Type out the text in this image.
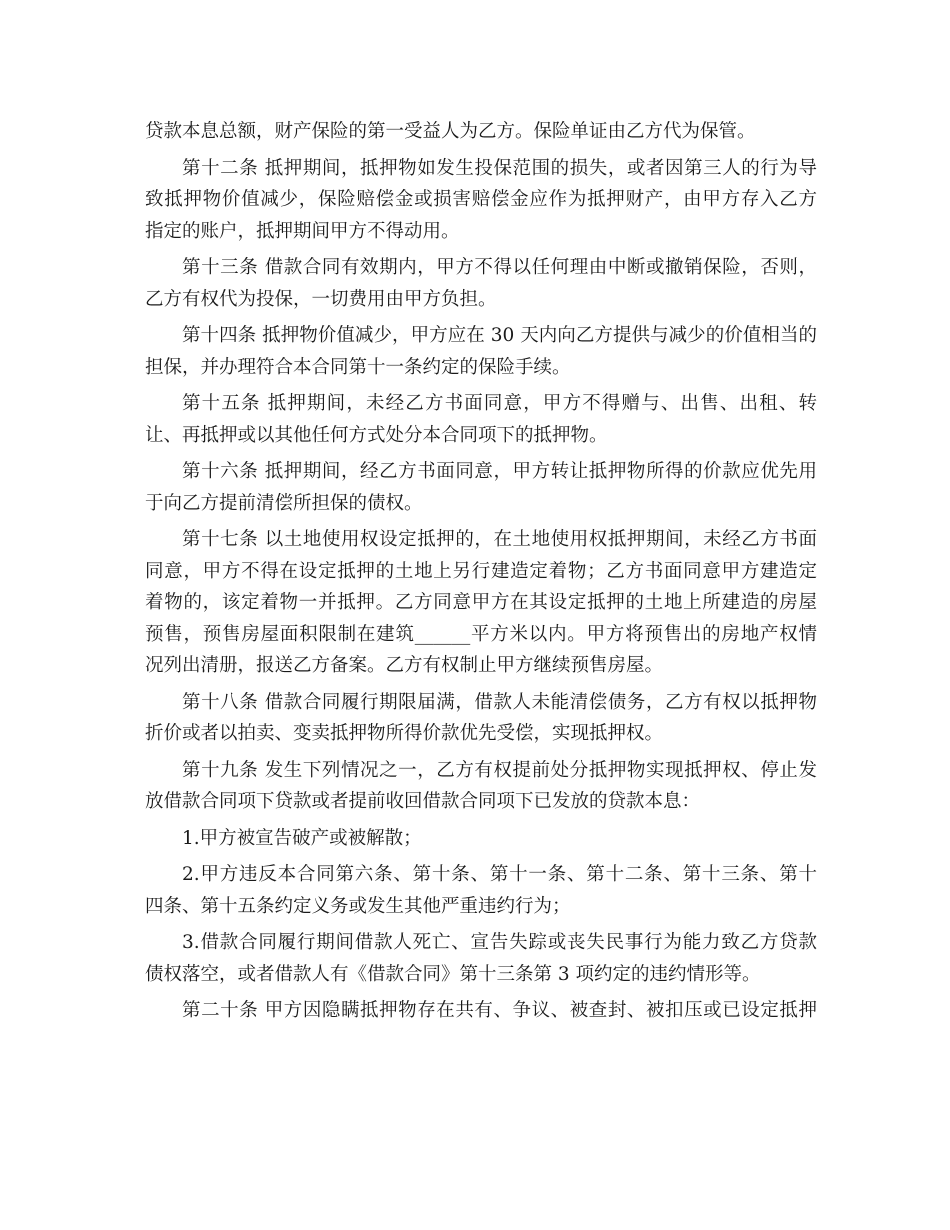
贷款本息总额，财产保险的第一受益人为乙方。保险单证由乙方代为保管。
第十二条 抵押期间，抵押物如发生投保范围的损失，或者因第三人的行为导
致抵押物价值减少，保险赔偿金或损害赔偿金应作为抵押财产，由甲方存入乙方
指定的账户，抵押期间甲方不得动用。
第十三条 借款合同有效期内，甲方不得以任何理由中断或撤销保险，否则，
乙方有权代为投保，一切费用由甲方负担。
第十四条 抵押物价值减少，甲方应在 30 天内向乙方提供与减少的价值相当的
担保，并办理符合本合同第十一条约定的保险手续。
第十五条 抵押期间，未经乙方书面同意，甲方不得赠与、出售、出租、转
让、再抵押或以其他任何方式处分本合同项下的抵押物。
第十六条 抵押期间，经乙方书面同意，甲方转让抵押物所得的价款应优先用
于向乙方提前清偿所担保的债权。
第十七条 以土地使用权设定抵押的，在土地使用权抵押期间，未经乙方书面
同意，甲方不得在设定抵押的土地上另行建造定着物；乙方书面同意甲方建造定
着物的，该定着物一并抵押。乙方同意甲方在其设定抵押的土地上所建造的房屋
预售，预售房屋面积限制在建筑______平方米以内。甲方将预售出的房地产权情
况列出清册，报送乙方备案。乙方有权制止甲方继续预售房屋。
第十八条 借款合同履行期限届满，借款人未能清偿债务，乙方有权以抵押物
折价或者以拍卖、变卖抵押物所得价款优先受偿，实现抵押权。
第十九条 发生下列情况之一，乙方有权提前处分抵押物实现抵押权、停止发
放借款合同项下贷款或者提前收回借款合同项下已发放的贷款本息：
1.甲方被宣告破产或被解散；
2.甲方违反本合同第六条、第十条、第十一条、第十二条、第十三条、第十
四条、第十五条约定义务或发生其他严重违约行为；
3.借款合同履行期间借款人死亡、宣告失踪或丧失民事行为能力致乙方贷款
债权落空，或者借款人有《借款合同》第十三条第 3 项约定的违约情形等。
第二十条 甲方因隐瞒抵押物存在共有、争议、被查封、被扣压或已设定抵押
